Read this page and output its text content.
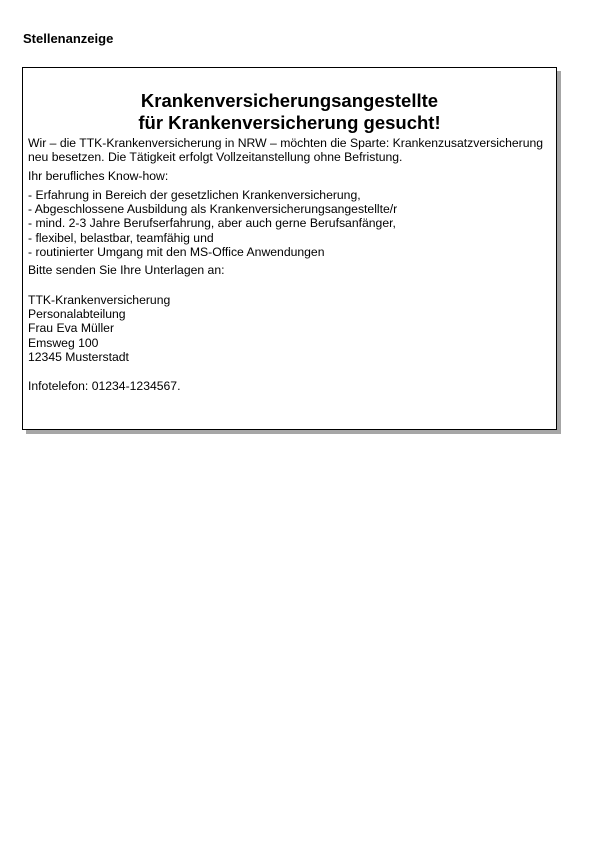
Stellenanzeige
Krankenversicherungsangestellte
für Krankenversicherung gesucht!

Wir – die TTK-Krankenversicherung in NRW – möchten die Sparte: Krankenzusatzversicherung neu besetzen. Die Tätigkeit erfolgt Vollzeitanstellung ohne Befristung.

Ihr berufliches Know-how:

- Erfahrung in Bereich der gesetzlichen Krankenversicherung,
- Abgeschlossene Ausbildung als Krankenversicherungsangestellte/r
- mind. 2-3 Jahre Berufserfahrung, aber auch gerne Berufsanfänger,
- flexibel, belastbar, teamfähig und
- routinierter Umgang mit den MS-Office Anwendungen

Bitte senden Sie Ihre Unterlagen an:

TTK-Krankenversicherung
Personalabteilung
Frau Eva Müller
Emsweg 100
12345 Musterstadt

Infotelefon: 01234-1234567.
